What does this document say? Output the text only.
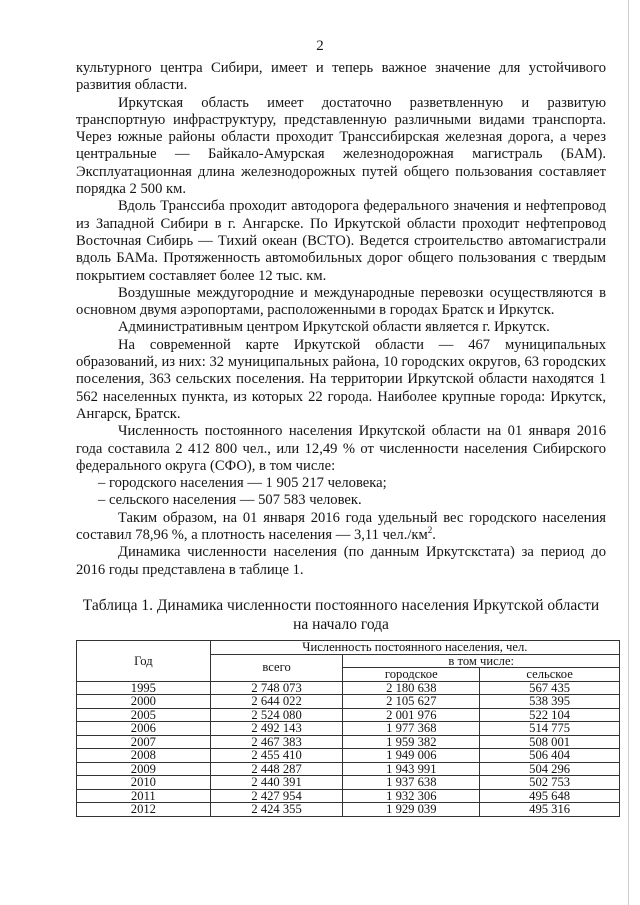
2

культурного центра Сибири, имеет и теперь важное значение для устойчивого развития области.

Иркутская область имеет достаточно разветвленную и развитую транспортную инфраструктуру, представленную различными видами транспорта. Через южные районы области проходит Транссибирская железная дорога, а через центральные — Байкало-Амурская железнодорожная магистраль (БАМ). Эксплуатационная длина железнодорожных путей общего пользования составляет порядка 2 500 км.

Вдоль Транссиба проходит автодорога федерального значения и нефтепровод из Западной Сибири в г. Ангарске. По Иркутской области проходит нефтепровод Восточная Сибирь — Тихий океан (ВСТО). Ведется строительство автомагистрали вдоль БАМа. Протяженность автомобильных дорог общего пользования с твердым покрытием составляет более 12 тыс. км.

Воздушные междугородние и международные перевозки осуществляются в основном двумя аэропортами, расположенными в городах Братск и Иркутск.

Административным центром Иркутской области является г. Иркутск.

На современной карте Иркутской области — 467 муниципальных образований, из них: 32 муниципальных района, 10 городских округов, 63 городских поселения, 363 сельских поселения. На территории Иркутской области находятся 1 562 населенных пункта, из которых 22 города. Наиболее крупные города: Иркутск, Ангарск, Братск.

Численность постоянного населения Иркутской области на 01 января 2016 года составила 2 412 800 чел., или 12,49 % от численности населения Сибирского федерального округа (СФО), в том числе:

– городского населения — 1 905 217 человека;

– сельского населения — 507 583 человек.

Таким образом, на 01 января 2016 года удельный вес городского населения составил 78,96 %, а плотность населения — 3,11 $чел./км^2$.

Динамика численности населения (по данным Иркутскстата) за период до 2016 годы представлена в таблице 1.

Таблица 1. Динамика численности постоянного населения Иркутской области на начало года
Год	Численность постоянного населения, чел.		
	всего	в том числе:	
		городское	сельское
1995	2 748 073	2 180 638	567 435
2000	2 644 022	2 105 627	538 395
2005	2 524 080	2 001 976	522 104
2006	2 492 143	1 977 368	514 775
2007	2 467 383	1 959 382	508 001
2008	2 455 410	1 949 006	506 404
2009	2 448 287	1 943 991	504 296
2010	2 440 391	1 937 638	502 753
2011	2 427 954	1 932 306	495 648
2012	2 424 355	1 929 039	495 316
